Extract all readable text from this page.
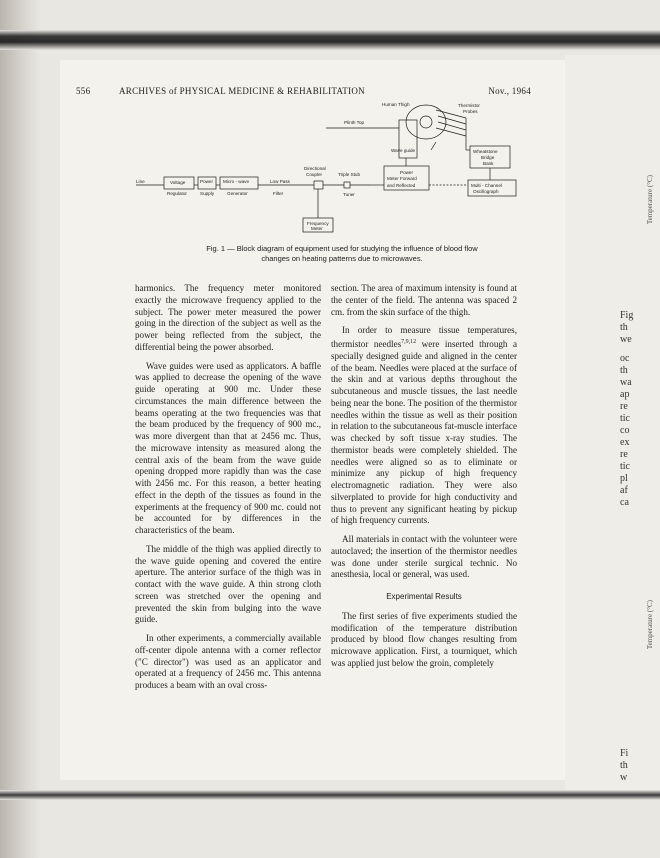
Fig
th
we
oc
th
wa
ap
re
tic
co
ex
re
tic
pl
af
ca
Fi
th
w
Temperature (°C)
Temperature (°C)
556	ARCHIVES of PHYSICAL MEDICINE & REHABILITATION	Nov., 1964
Line	Voltage
Regulator
Power
Supply
Micro - wave
Generator
Low Pass
Filter
Directional
Coupler	Triple Stub
Tuner
Frequency
Meter
Human Thigh
Plinth Top
Wave guide
Thermistor
Probes
Power
Meter Forward
and Reflected
Wheatstone
Bridge
Bank
Multi - Channel
Oscillograph
Fig. 1 — Block diagram of equipment used for studying the influence of blood flow
changes on heating patterns due to microwaves.

harmonics. The frequency meter monitored exactly the microwave frequency applied to the subject. The power meter measured the power going in the direction of the subject as well as the power being reflected from the subject, the differential being the power absorbed.

Wave guides were used as applicators. A baffle was applied to decrease the opening of the wave guide operating at 900 mc. Under these circumstances the main difference between the beams operating at the two frequencies was that the beam produced by the frequency of 900 mc., was more divergent than that at 2456 mc. Thus, the microwave intensity as measured along the central axis of the beam from the wave guide opening dropped more rapidly than was the case with 2456 mc. For this reason, a better heating effect in the depth of the tissues as found in the experiments at the frequency of 900 mc. could not be accounted for by differences in the characteristics of the beam.

The middle of the thigh was applied directly to the wave guide opening and covered the entire aperture. The anterior surface of the thigh was in contact with the wave guide. A thin strong cloth screen was stretched over the opening and prevented the skin from bulging into the wave guide.

In other experiments, a commercially available off-center dipole antenna with a corner reflector ("C director") was used as an applicator and operated at a frequency of 2456 mc. This antenna produces a beam with an oval cross-

section. The area of maximum intensity is found at the center of the field. The antenna was spaced 2 cm. from the skin surface of the thigh.

In order to measure tissue temperatures, thermistor needles$^{7,9,12}$ were inserted through a specially designed guide and aligned in the center of the beam. Needles were placed at the surface of the skin and at various depths throughout the subcutaneous and muscle tissues, the last needle being near the bone. The position of the thermistor needles within the tissue as well as their position in relation to the subcutaneous fat-muscle interface was checked by soft tissue x-ray studies. The thermistor beads were completely shielded. The needles were aligned so as to eliminate or minimize any pickup of high frequency electromagnetic radiation. They were also silverplated to provide for high conductivity and thus to prevent any significant heating by pickup of high frequency currents.

All materials in contact with the volunteer were autoclaved; the insertion of the thermistor needles was done under sterile surgical technic. No anesthesia, local or general, was used.

Experimental Results

The first series of five experiments studied the modification of the temperature distribution produced by blood flow changes resulting from microwave application. First, a tourniquet, which was applied just below the groin, completely
